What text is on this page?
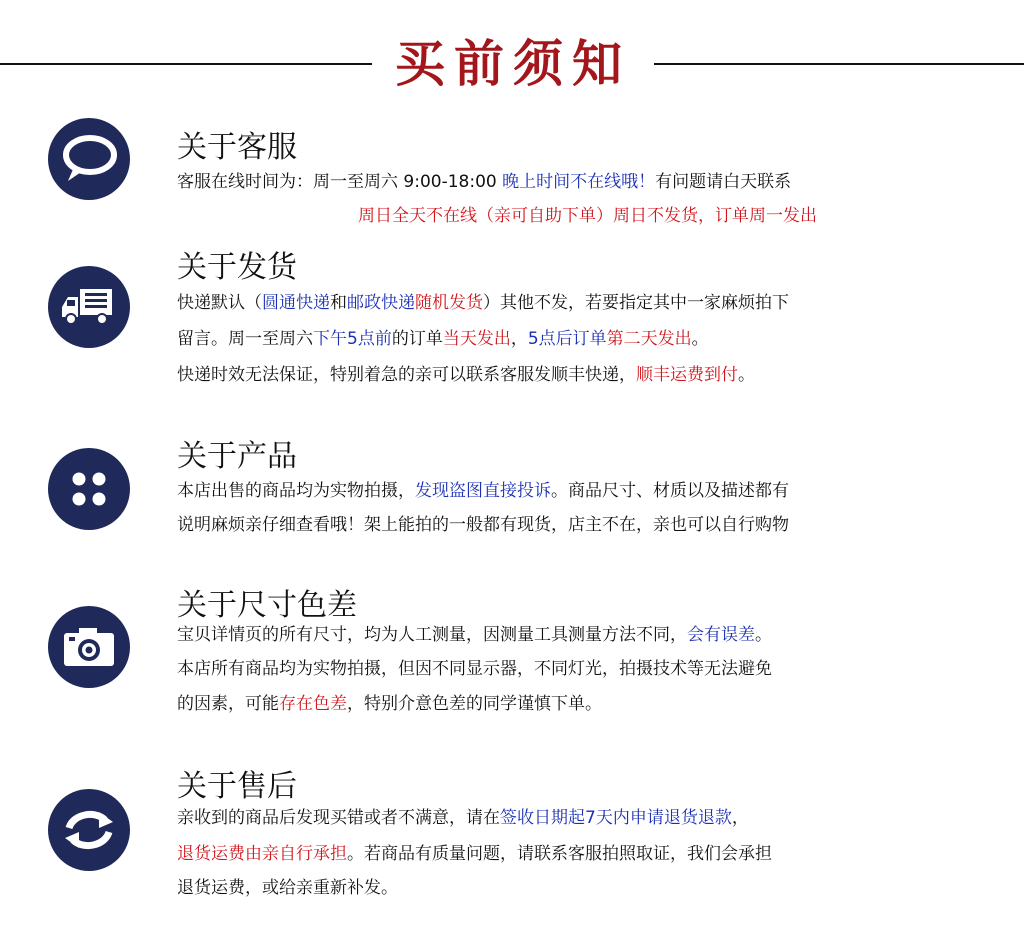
买前须知
关于客服
客服在线时间为：周一至周六 9:00-18:00 晚上时间不在线哦！有问题请白天联系
周日全天不在线（亲可自助下单）周日不发货，订单周一发出
关于发货
快递默认（圆通快递和邮政快递随机发货）其他不发，若要指定其中一家麻烦拍下
留言。周一至周六下午5点前的订单当天发出，5点后订单第二天发出。
快递时效无法保证，特别着急的亲可以联系客服发顺丰快递，顺丰运费到付。
关于产品
本店出售的商品均为实物拍摄，发现盗图直接投诉。商品尺寸、材质以及描述都有
说明麻烦亲仔细查看哦！架上能拍的一般都有现货，店主不在，亲也可以自行购物
关于尺寸色差
宝贝详情页的所有尺寸，均为人工测量，因测量工具测量方法不同，会有误差。
本店所有商品均为实物拍摄，但因不同显示器，不同灯光，拍摄技术等无法避免
的因素，可能存在色差，特别介意色差的同学谨慎下单。
关于售后
亲收到的商品后发现买错或者不满意，请在签收日期起7天内申请退货退款，
退货运费由亲自行承担。若商品有质量问题，请联系客服拍照取证，我们会承担
退货运费，或给亲重新补发。
